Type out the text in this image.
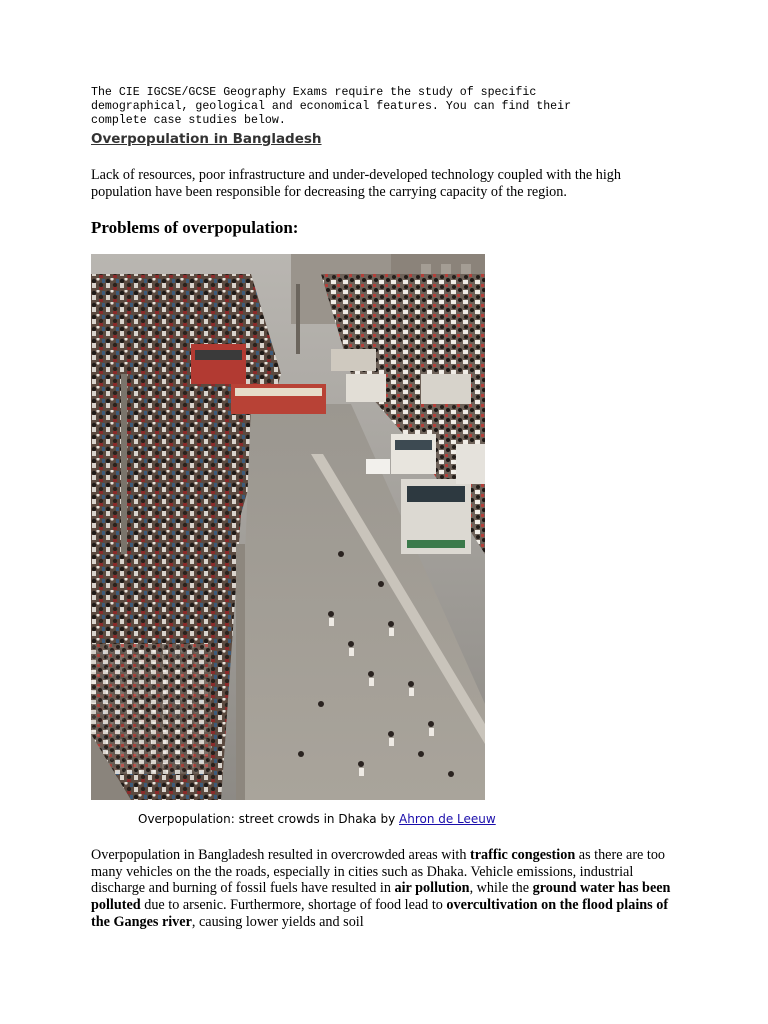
The CIE IGCSE/GCSE Geography Exams require the study of specific
demographical, geological and economical features. You can find their
complete case studies below.
Overpopulation in Bangladesh

Lack of resources, poor infrastructure and under-developed technology coupled with the high population have been responsible for decreasing the carrying capacity of the region.

Problems of overpopulation:

Overpopulation: street crowds in Dhaka by Ahron de Leeuw

Overpopulation in Bangladesh resulted in overcrowded areas with traffic congestion as there are too many vehicles on the the roads, especially in cities such as Dhaka. Vehicle emissions, industrial discharge and burning of fossil fuels have resulted in air pollution, while the ground water has been polluted due to arsenic. Furthermore, shortage of food lead to overcultivation on the flood plains of the Ganges river, causing lower yields and soil
